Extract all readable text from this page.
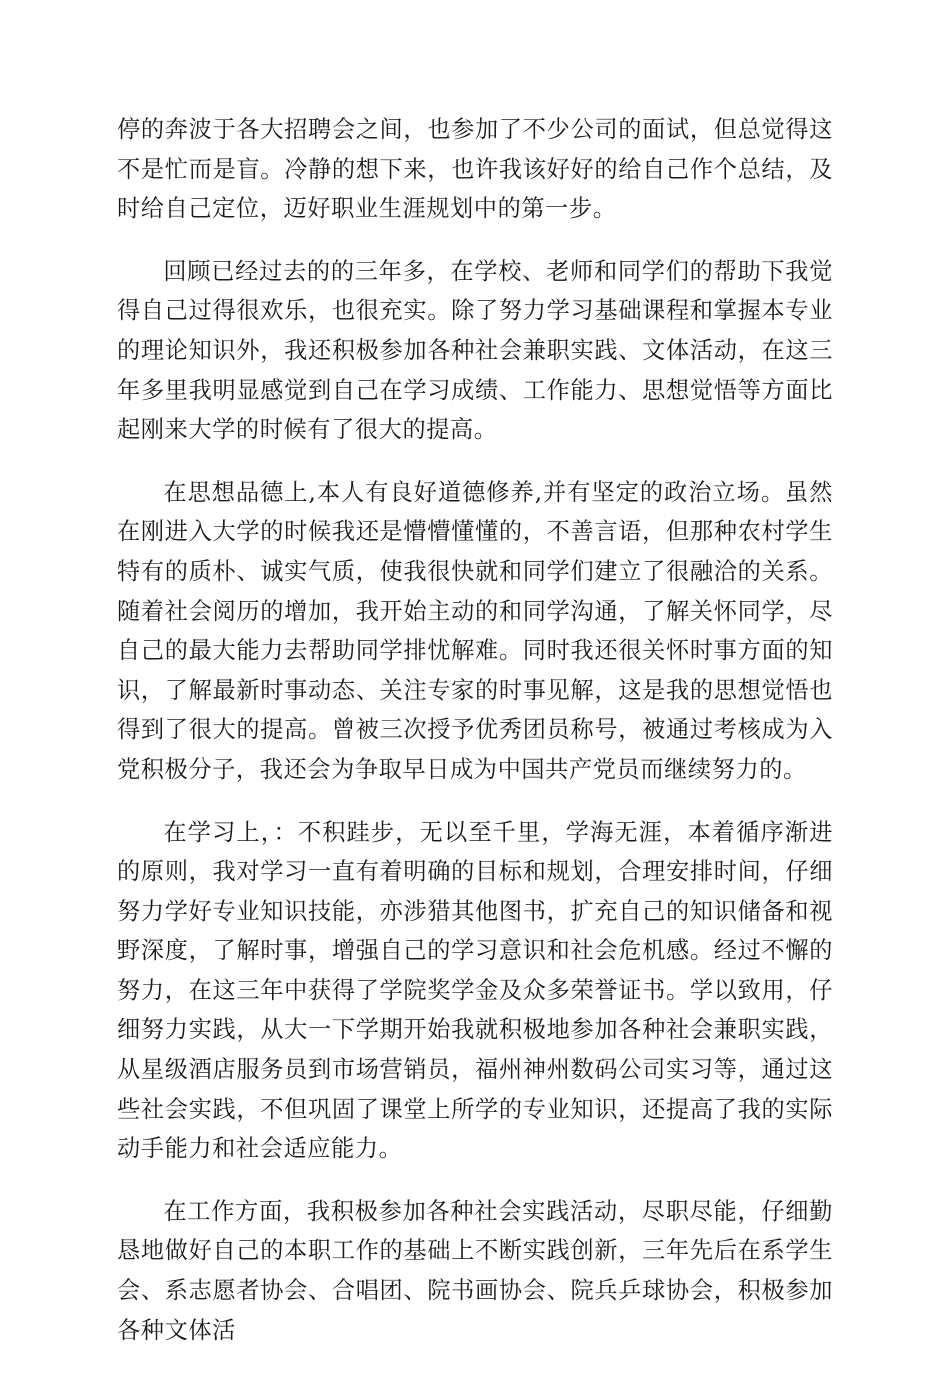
停的奔波于各大招聘会之间，也参加了不少公司的面试，但总觉得这不是忙而是盲。冷静的想下来，也许我该好好的给自己作个总结，及时给自己定位，迈好职业生涯规划中的第一步。

回顾已经过去的的三年多，在学校、老师和同学们的帮助下我觉得自己过得很欢乐，也很充实。除了努力学习基础课程和掌握本专业的理论知识外，我还积极参加各种社会兼职实践、文体活动，在这三年多里我明显感觉到自己在学习成绩、工作能力、思想觉悟等方面比起刚来大学的时候有了很大的提高。

在思想品德上,本人有良好道德修养,并有坚定的政治立场。虽然在刚进入大学的时候我还是懵懵懂懂的，不善言语，但那种农村学生特有的质朴、诚实气质，使我很快就和同学们建立了很融洽的关系。随着社会阅历的增加，我开始主动的和同学沟通，了解关怀同学，尽自己的最大能力去帮助同学排忧解难。同时我还很关怀时事方面的知识，了解最新时事动态、关注专家的时事见解，这是我的思想觉悟也得到了很大的提高。曾被三次授予优秀团员称号，被通过考核成为入党积极分子，我还会为争取早日成为中国共产党员而继续努力的。

在学习上，：不积跬步，无以至千里，学海无涯，本着循序渐进的原则，我对学习一直有着明确的目标和规划，合理安排时间，仔细努力学好专业知识技能，亦涉猎其他图书，扩充自己的知识储备和视野深度，了解时事，增强自己的学习意识和社会危机感。经过不懈的努力，在这三年中获得了学院奖学金及众多荣誉证书。学以致用，仔细努力实践，从大一下学期开始我就积极地参加各种社会兼职实践，从星级酒店服务员到市场营销员，福州神州数码公司实习等，通过这些社会实践，不但巩固了课堂上所学的专业知识，还提高了我的实际动手能力和社会适应能力。

在工作方面，我积极参加各种社会实践活动，尽职尽能，仔细勤恳地做好自己的本职工作的基础上不断实践创新，三年先后在系学生会、系志愿者协会、合唱团、院书画协会、院兵乒球协会，积极参加各种文体活
